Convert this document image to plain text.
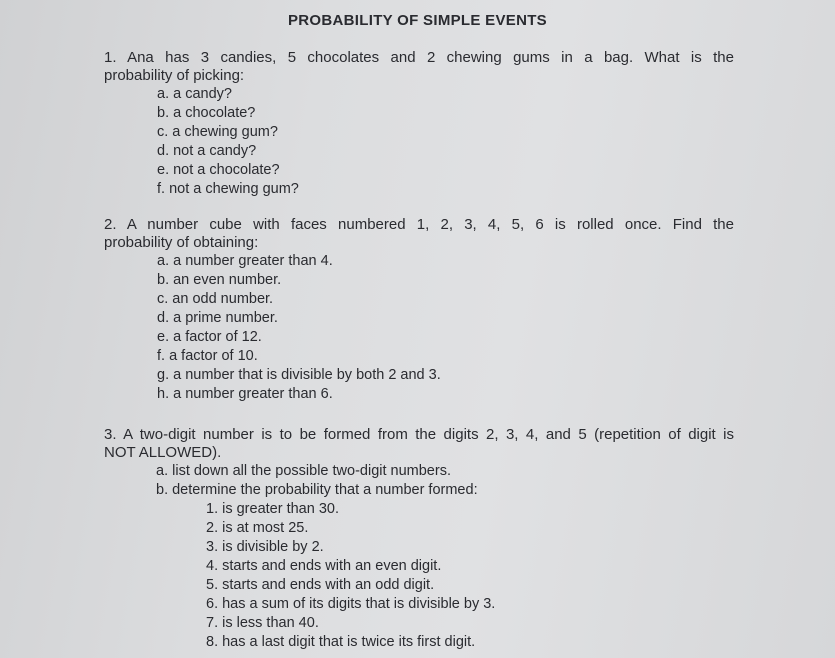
PROBABILITY OF SIMPLE EVENTS
1. Ana has 3 candies, 5 chocolates and 2 chewing gums in a bag. What is the
probability of picking:
a. a candy?
b. a chocolate?
c. a chewing gum?
d. not a candy?
e. not a chocolate?
f. not a chewing gum?
2. A number cube with faces numbered 1, 2, 3, 4, 5, 6 is rolled once. Find the
probability of obtaining:
a. a number greater than 4.
b. an even number.
c. an odd number.
d. a prime number.
e. a factor of 12.
f. a factor of 10.
g. a number that is divisible by both 2 and 3.
h. a number greater than 6.
3. A two-digit number is to be formed from the digits 2, 3, 4, and 5 (repetition of digit is
NOT ALLOWED).
a. list down all the possible two-digit numbers.
b. determine the probability that a number formed:
1. is greater than 30.
2. is at most 25.
3. is divisible by 2.
4. starts and ends with an even digit.
5. starts and ends with an odd digit.
6. has a sum of its digits that is divisible by 3.
7. is less than 40.
8. has a last digit that is twice its first digit.
